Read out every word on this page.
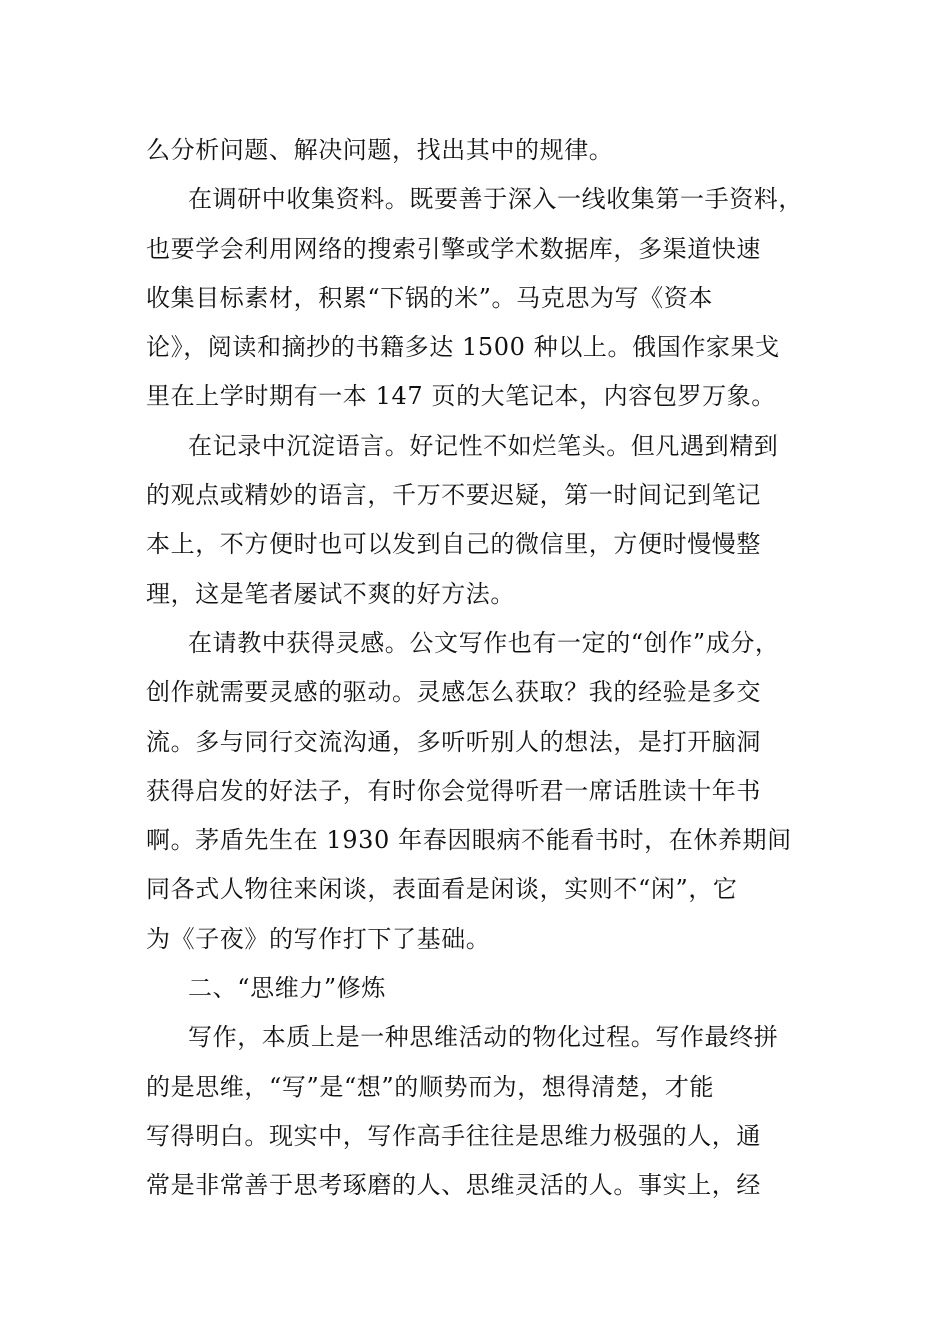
么分析问题、解决问题，找出其中的规律。
在调研中收集资料。既要善于深入一线收集第一手资料，
也要学会利用网络的搜索引擎或学术数据库，多渠道快速
收集目标素材，积累“下锅的米”。马克思为写《资本
论》，阅读和摘抄的书籍多达 1500 种以上。俄国作家果戈
里在上学时期有一本 147 页的大笔记本，内容包罗万象。
在记录中沉淀语言。好记性不如烂笔头。但凡遇到精到
的观点或精妙的语言，千万不要迟疑，第一时间记到笔记
本上，不方便时也可以发到自己的微信里，方便时慢慢整
理，这是笔者屡试不爽的好方法。
在请教中获得灵感。公文写作也有一定的“创作”成分，
创作就需要灵感的驱动。灵感怎么获取？我的经验是多交
流。多与同行交流沟通，多听听别人的想法，是打开脑洞
获得启发的好法子，有时你会觉得听君一席话胜读十年书
啊。茅盾先生在 1930 年春因眼病不能看书时，在休养期间
同各式人物往来闲谈，表面看是闲谈，实则不“闲”，它
为《子夜》的写作打下了基础。
二、“思维力”修炼
写作，本质上是一种思维活动的物化过程。写作最终拼
的是思维，“写”是“想”的顺势而为，想得清楚，才能
写得明白。现实中，写作高手往往是思维力极强的人，通
常是非常善于思考琢磨的人、思维灵活的人。事实上，经
